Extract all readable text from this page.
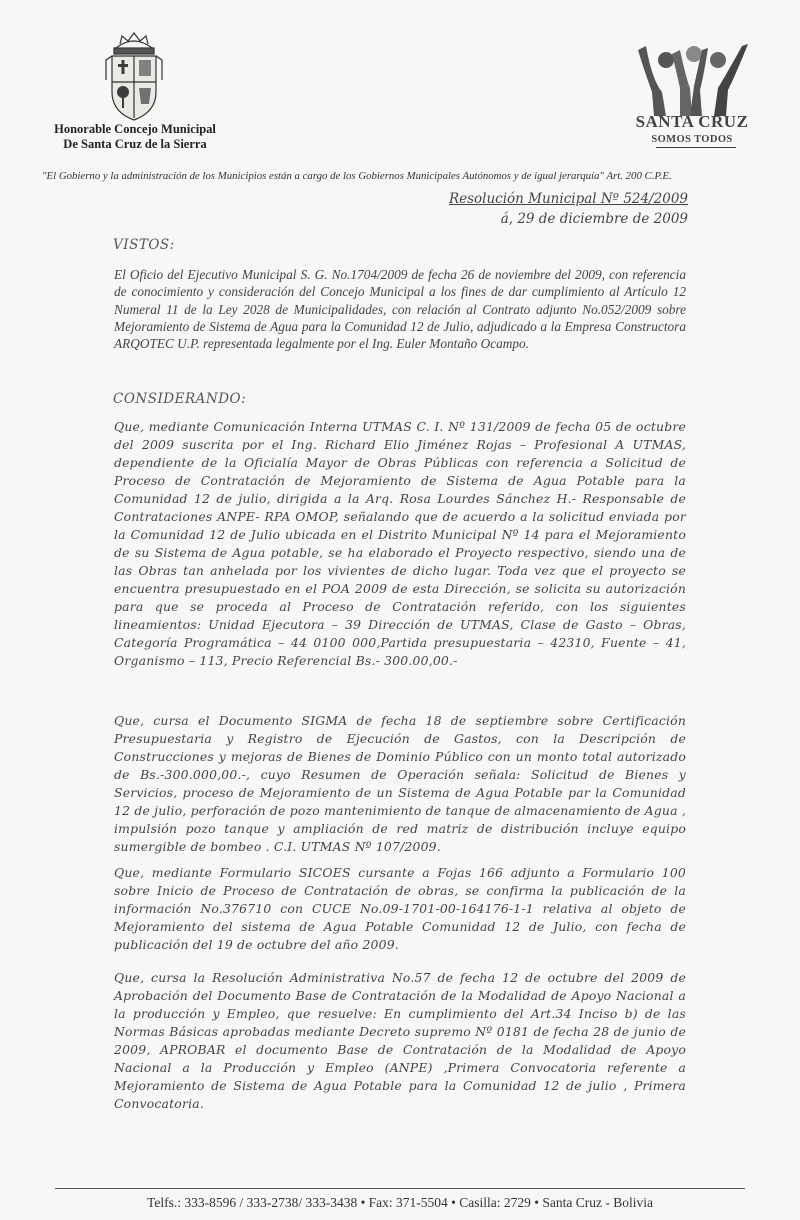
Honorable Concejo Municipal
De Santa Cruz de la Sierra
SANTA CRUZ
SOMOS TODOS
"El Gobierno y la administración de los Municipios están a cargo de los Gobiernos Municipales Autónomos y de igual jerarquía" Art. 200 C.P.E.
Resolución Municipal Nº 524/2009
á, 29 de diciembre de 2009
VISTOS:
El Oficio del Ejecutivo Municipal S. G. No.1704/2009 de fecha 26 de noviembre del 2009, con referencia de conocimiento y consideración del Concejo Municipal a los fines de dar cumplimiento al Artículo 12 Numeral 11 de la Ley 2028 de Municipalidades, con relación al Contrato adjunto No.052/2009 sobre Mejoramiento de Sistema de Agua para la Comunidad 12 de Julio, adjudicado a la Empresa Constructora ARQOTEC U.P. representada legalmente por el Ing. Euler Montaño Ocampo.
CONSIDERANDO:
Que, mediante Comunicación Interna UTMAS C. I. Nº 131/2009 de fecha 05 de octubre del 2009 suscrita por el Ing. Richard Elio Jiménez Rojas – Profesional A UTMAS, dependiente de la Oficialía Mayor de Obras Públicas con referencia a Solicitud de Proceso de Contratación de Mejoramiento de Sistema de Agua Potable para la Comunidad 12 de julio, dirigida a la Arq. Rosa Lourdes Sánchez H.- Responsable de Contrataciones ANPE- RPA OMOP, señalando que de acuerdo a la solicitud enviada por la Comunidad 12 de Julio ubicada en el Distrito Municipal Nº 14 para el Mejoramiento de su Sistema de Agua potable, se ha elaborado el Proyecto respectivo, siendo una de las Obras tan anhelada por los vivientes de dicho lugar. Toda vez que el proyecto se encuentra presupuestado en el POA 2009 de esta Dirección, se solicita su autorización para que se proceda al Proceso de Contratación referido, con los siguientes lineamientos: Unidad Ejecutora – 39 Dirección de UTMAS, Clase de Gasto – Obras, Categoría Programática – 44 0100 000,Partida presupuestaria – 42310, Fuente – 41, Organismo – 113, Precio Referencial Bs.- 300.00,00.-
Que, cursa el Documento SIGMA de fecha 18 de septiembre sobre Certificación Presupuestaria y Registro de Ejecución de Gastos, con la Descripción de Construcciones y mejoras de Bienes de Dominio Público con un monto total autorizado de Bs.-300.000,00.-, cuyo Resumen de Operación señala: Solicitud de Bienes y Servicios, proceso de Mejoramiento de un Sistema de Agua Potable par la Comunidad 12 de julio, perforación de pozo mantenimiento de tanque de almacenamiento de Agua , impulsión pozo tanque y ampliación de red matriz de distribución incluye equipo sumergible de bombeo . C.I. UTMAS Nº 107/2009.
Que, mediante Formulario SICOES cursante a Fojas 166 adjunto a Formulario 100 sobre Inicio de Proceso de Contratación de obras, se confirma la publicación de la información No.376710 con CUCE No.09-1701-00-164176-1-1 relativa al objeto de Mejoramiento del sistema de Agua Potable Comunidad 12 de Julio, con fecha de publicación del 19 de octubre del año 2009.
Que, cursa la Resolución Administrativa No.57 de fecha 12 de octubre del 2009 de Aprobación del Documento Base de Contratación de la Modalidad de Apoyo Nacional a la producción y Empleo, que resuelve: En cumplimiento del Art.34 Inciso b) de las Normas Básicas aprobadas mediante Decreto supremo Nº 0181 de fecha 28 de junio de 2009, APROBAR el documento Base de Contratación de la Modalidad de Apoyo Nacional a la Producción y Empleo (ANPE) ,Primera Convocatoria referente a Mejoramiento de Sistema de Agua Potable para la Comunidad 12 de julio , Primera Convocatoria.
Telfs.: 333-8596 / 333-2738/ 333-3438 • Fax: 371-5504 • Casilla: 2729 • Santa Cruz - Bolivia
